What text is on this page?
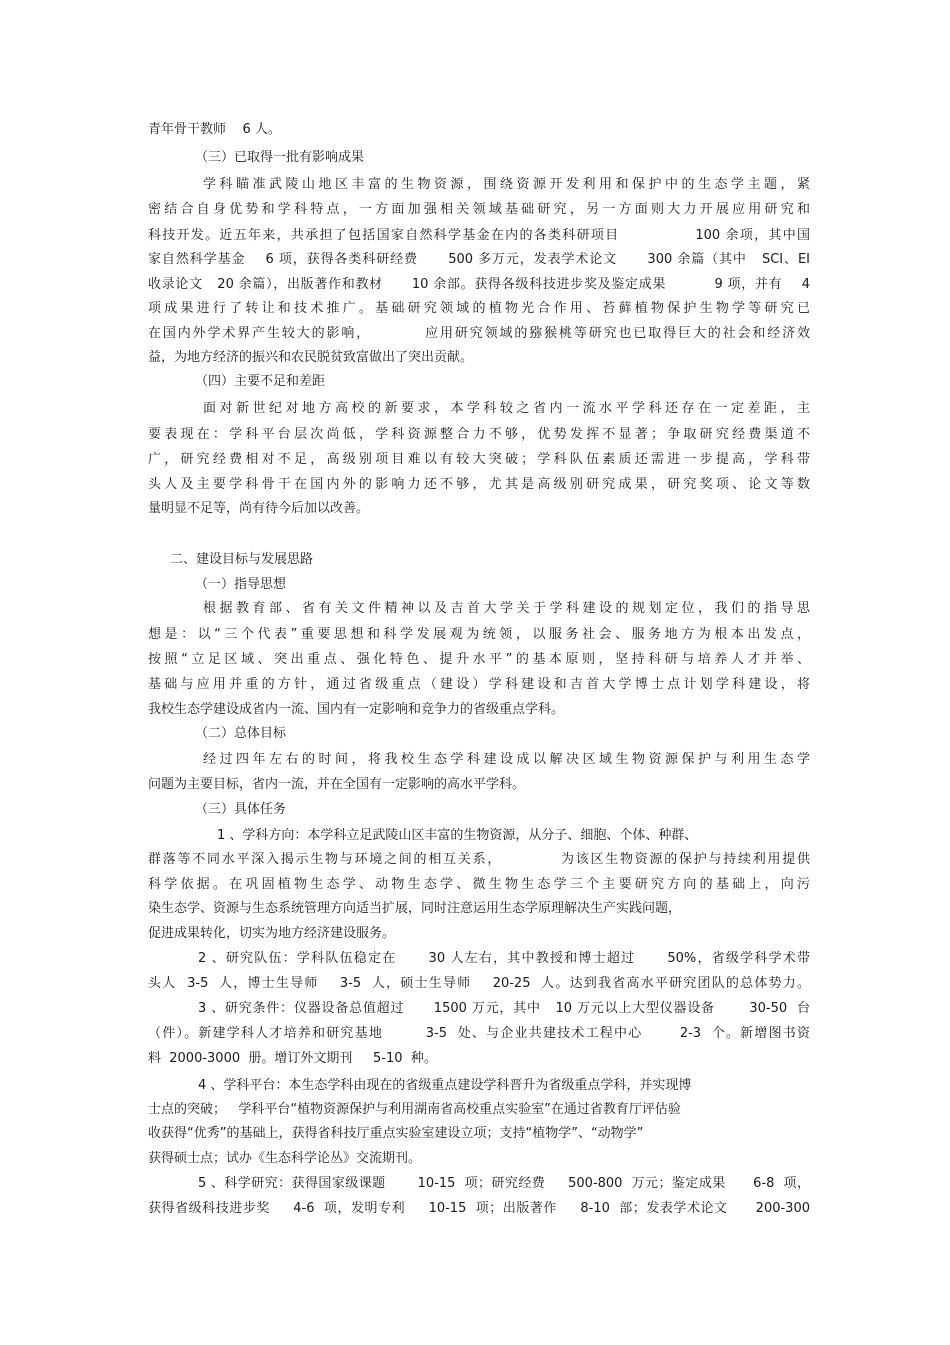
青年骨干教师    6 人。
（三）已取得一批有影响成果
学科瞄准武陵山地区丰富的生物资源，围绕资源开发利用和保护中的生态学主题，紧
密结合自身优势和学科特点，一方面加强相关领域基础研究，另一方面则大力开展应用研究和
科技开发。近五年来，共承担了包括国家自然科学基金在内的各类科研项目              100 余项，其中国
家自然科学基金    6 项，获得各类科研经费      500 多万元，发表学术论文      300 余篇（其中   SCI、EI
收录论文   20 余篇），出版著作和教材      10 余部。获得各级科技进步奖及鉴定成果          9 项，并有    4
项成果进行了转让和技术推广。基础研究领域的植物光合作用、苔藓植物保护生物学等研究已
在国内外学术界产生较大的影响，         应用研究领域的猕猴桃等研究也已取得巨大的社会和经济效
益，为地方经济的振兴和农民脱贫致富做出了突出贡献。
（四）主要不足和差距
面对新世纪对地方高校的新要求，本学科较之省内一流水平学科还存在一定差距，主
要表现在：学科平台层次尚低，学科资源整合力不够，优势发挥不显著；争取研究经费渠道不
广，研究经费相对不足，高级别项目难以有较大突破；学科队伍素质还需进一步提高，学科带
头人及主要学科骨干在国内外的影响力还不够，尤其是高级别研究成果，研究奖项、论文等数
量明显不足等，尚有待今后加以改善。
二、建设目标与发展思路
（一）指导思想
根据教育部、省有关文件精神以及吉首大学关于学科建设的规划定位，我们的指导思
想是：以“三个代表”重要思想和科学发展观为统领，以服务社会、服务地方为根本出发点，
按照“立足区域、突出重点、强化特色、提升水平”的基本原则，坚持科研与培养人才并举、
基础与应用并重的方针，通过省级重点（建设）学科建设和吉首大学博士点计划学科建设，将
我校生态学建设成省内一流、国内有一定影响和竞争力的省级重点学科。
（二）总体目标
经过四年左右的时间，将我校生态学科建设成以解决区域生物资源保护与利用生态学
问题为主要目标，省内一流，并在全国有一定影响的高水平学科。
（三）具体任务
1 、学科方向：本学科立足武陵山区丰富的生物资源，从分子、细胞、个体、种群、
群落等不同水平深入揭示生物与环境之间的相互关系，          为该区生物资源的保护与持续利用提供
科学依据。在巩固植物生态学、动物生态学、微生物生态学三个主要研究方向的基础上，向污
染生态学、资源与生态系统管理方向适当扩展，同时注意运用生态学原理解决生产实践问题，
促进成果转化，切实为地方经济建设服务。
2 、研究队伍：学科队伍稳定在      30 人左右，其中教授和博士超过      50%，省级学科学术带
头人  3-5  人，博士生导师    3-5  人，硕士生导师    20-25  人。达到我省高水平研究团队的总体势力。
3 、研究条件：仪器设备总值超过      1500 万元，其中   10 万元以上大型仪器设备       30-50  台
（件）。新建学科人才培养和研究基地        3-5  处、与企业共建技术工程中心       2-3  个。新增图书资
料  2000-3000  册。增订外文期刊     5-10  种。
4 、学科平台：本生态学科由现在的省级重点建设学科晋升为省级重点学科，并实现博
士点的突破；   学科平台“植物资源保护与利用湖南省高校重点实验室”在通过省教育厅评估验
收获得“优秀”的基础上，获得省科技厅重点实验室建设立项；支持“植物学”、“动物学”
获得硕士点；试办《生态科学论丛》交流期刊。
5 、科学研究：获得国家级课题       10-15  项；研究经费     500-800  万元；鉴定成果      6-8  项，
获得省级科技进步奖     4-6  项，发明专利     10-15  项；出版著作     8-10  部；发表学术论文      200-300
